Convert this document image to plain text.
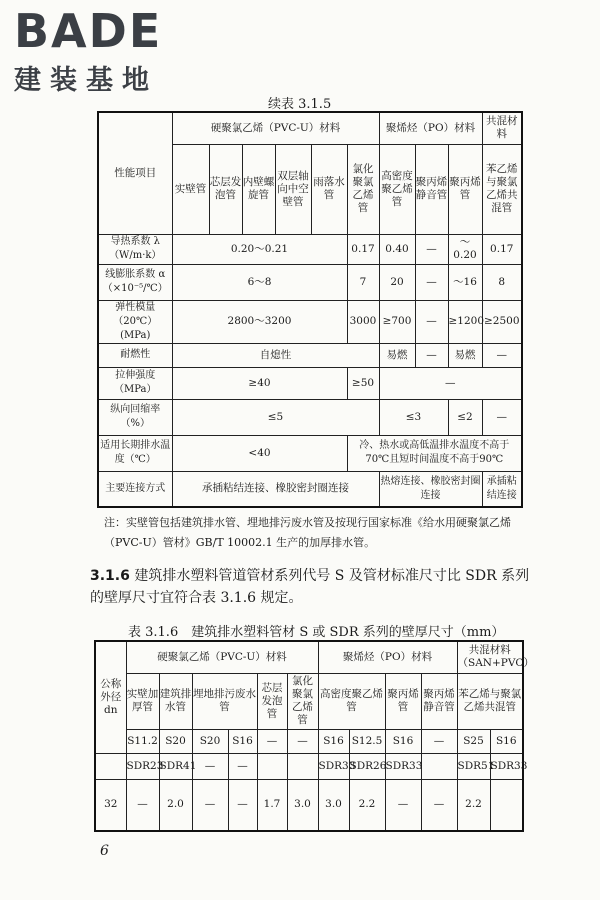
BADE
建装基地
续表 3.1.5
性能项目	硬聚氯乙烯（PVC-U）材料						聚烯烃（PO）材料			共混材料
	实壁管	芯层发泡管	内壁螺旋管	双层轴向中空壁管	雨落水管	氯化聚氯乙烯管	高密度聚乙烯管	聚丙烯静音管	聚丙烯管	苯乙烯与聚氯乙烯共混管
导热系数 λ（W/m·k）	0.20～0.21					0.17	0.40	—	～0.20	0.17
线膨胀系数 α（×10⁻⁵/℃）	6～8					7	20	—	～16	8
弹性模量（20℃）(MPa)	2800～3200					3000	≥700	—	≥1200	≥2500
耐燃性	自熄性						易燃	—	易燃	—
拉伸强度（MPa）	≥40					≥50	—			
纵向回缩率（%）	≤5						≤3		≤2	—
适用长期排水温度（℃）	<40					冷、热水或高低温排水温度不高于70℃且短时间温度不高于90℃				
主要连接方式	承插粘结连接、橡胶密封圈连接						热熔连接、橡胶密封圈连接			承插粘结连接
注：实壁管包括建筑排水管、埋地排污废水管及按现行国家标准《给水用硬聚氯乙烯（PVC-U）管材》GB/T 10002.1 生产的加厚排水管。
3.1.6 建筑排水塑料管道管材系列代号 S 及管材标准尺寸比 SDR 系列的壁厚尺寸宜符合表 3.1.6 规定。
表 3.1.6　建筑排水塑料管材 S 或 SDR 系列的壁厚尺寸（mm）
公称外径 dn	硬聚氯乙烯（PVC-U）材料						聚烯烃（PO）材料				共混材料（SAN+PVC）	
	实壁加厚管	建筑排水管	埋地排污废水管		芯层发泡管	氯化聚氯乙烯管	高密度聚乙烯管		聚丙烯管	聚丙烯静音管	苯乙烯与聚氯乙烯共混管	
	S11.2	S20	S20	S16	—	—	S16	S12.5	S16	—	S25	S16
	SDR23	SDR41	—	—			SDR33	SDR26	SDR33		SDR51	SDR33
32	—	2.0	—	—	1.7	3.0	3.0	2.2	—	—	2.2	
6
